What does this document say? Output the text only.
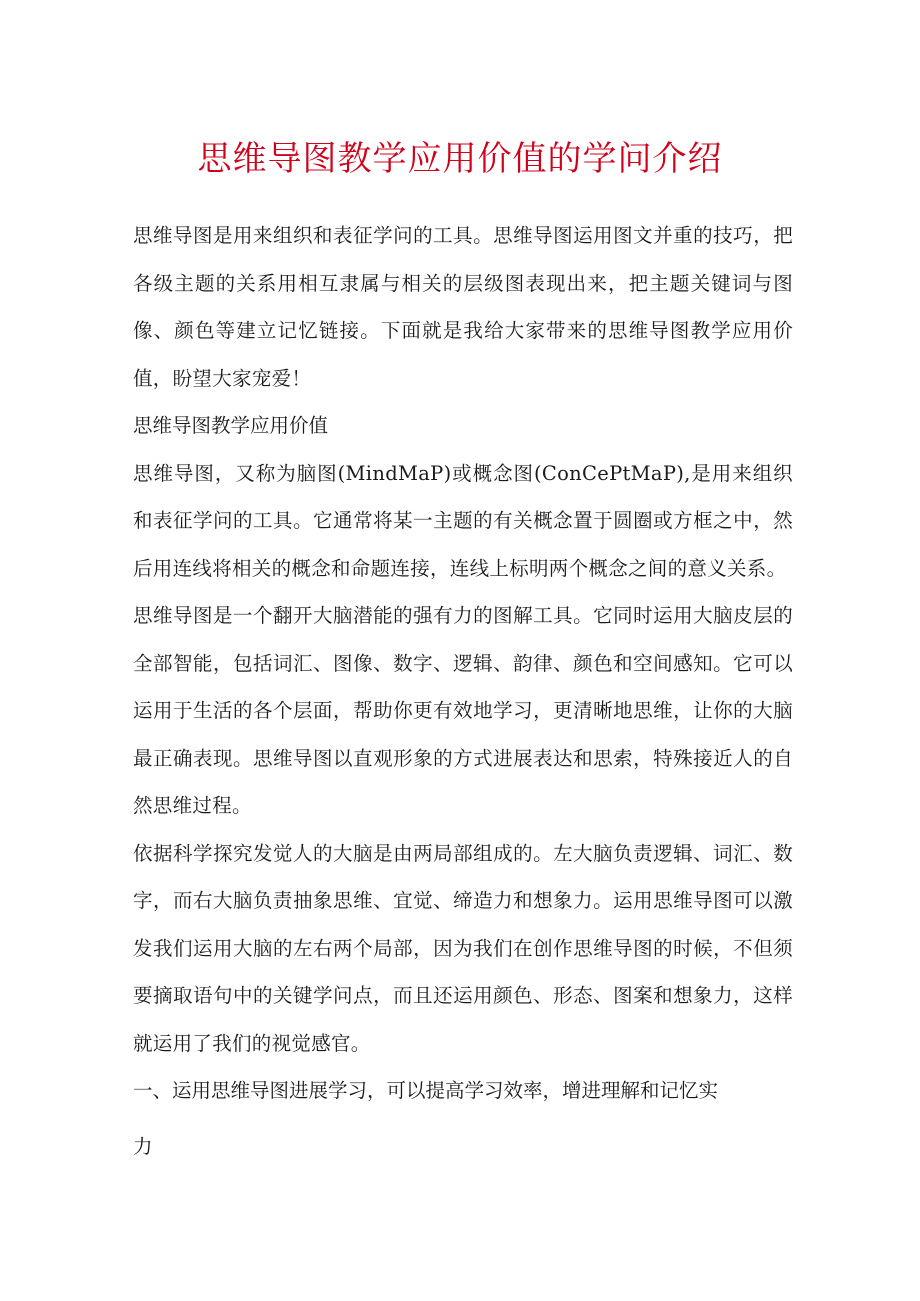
思维导图教学应用价值的学问介绍

思维导图是用来组织和表征学问的工具。思维导图运用图文并重的技巧，把各级主题的关系用相互隶属与相关的层级图表现出来，把主题关键词与图像、颜色等建立记忆链接。下面就是我给大家带来的思维导图教学应用价值，盼望大家宠爱！

思维导图教学应用价值

思维导图，又称为脑图(MindMaP)或概念图(ConCePtMaP),是用来组织和表征学问的工具。它通常将某一主题的有关概念置于圆圈或方框之中，然后用连线将相关的概念和命题连接，连线上标明两个概念之间的意义关系。

思维导图是一个翻开大脑潜能的强有力的图解工具。它同时运用大脑皮层的全部智能，包括词汇、图像、数字、逻辑、韵律、颜色和空间感知。它可以运用于生活的各个层面，帮助你更有效地学习，更清晰地思维，让你的大脑最正确表现。思维导图以直观形象的方式进展表达和思索，特殊接近人的自然思维过程。

依据科学探究发觉人的大脑是由两局部组成的。左大脑负责逻辑、词汇、数字，而右大脑负责抽象思维、宜觉、缔造力和想象力。运用思维导图可以激发我们运用大脑的左右两个局部，因为我们在创作思维导图的时候，不但须要摘取语句中的关键学问点，而且还运用颜色、形态、图案和想象力，这样就运用了我们的视觉感官。

一、运用思维导图进展学习，可以提高学习效率，增进理解和记忆实

力
